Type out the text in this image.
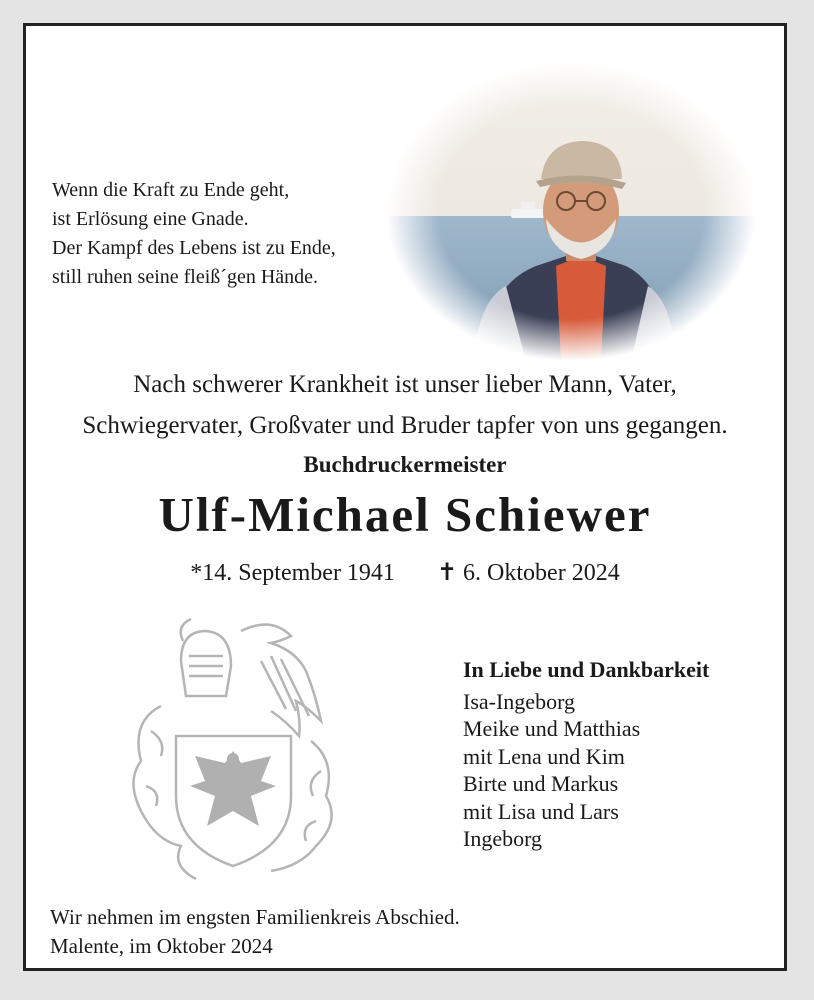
Wenn die Kraft zu Ende geht,
ist Erlösung eine Gnade.
Der Kampf des Lebens ist zu Ende,
still ruhen seine fleiß´gen Hände.
Nach schwerer Krankheit ist unser lieber Mann, Vater,
Schwiegervater, Großvater und Bruder tapfer von uns gegangen.
Buchdruckermeister
Ulf-Michael Schiewer
*14. September 1941 ✝ 6. Oktober 2024
In Liebe und Dankbarkeit
Isa-Ingeborg
Meike und Matthias
mit Lena und Kim
Birte und Markus
mit Lisa und Lars
Ingeborg
Wir nehmen im engsten Familienkreis Abschied.
Malente, im Oktober 2024
